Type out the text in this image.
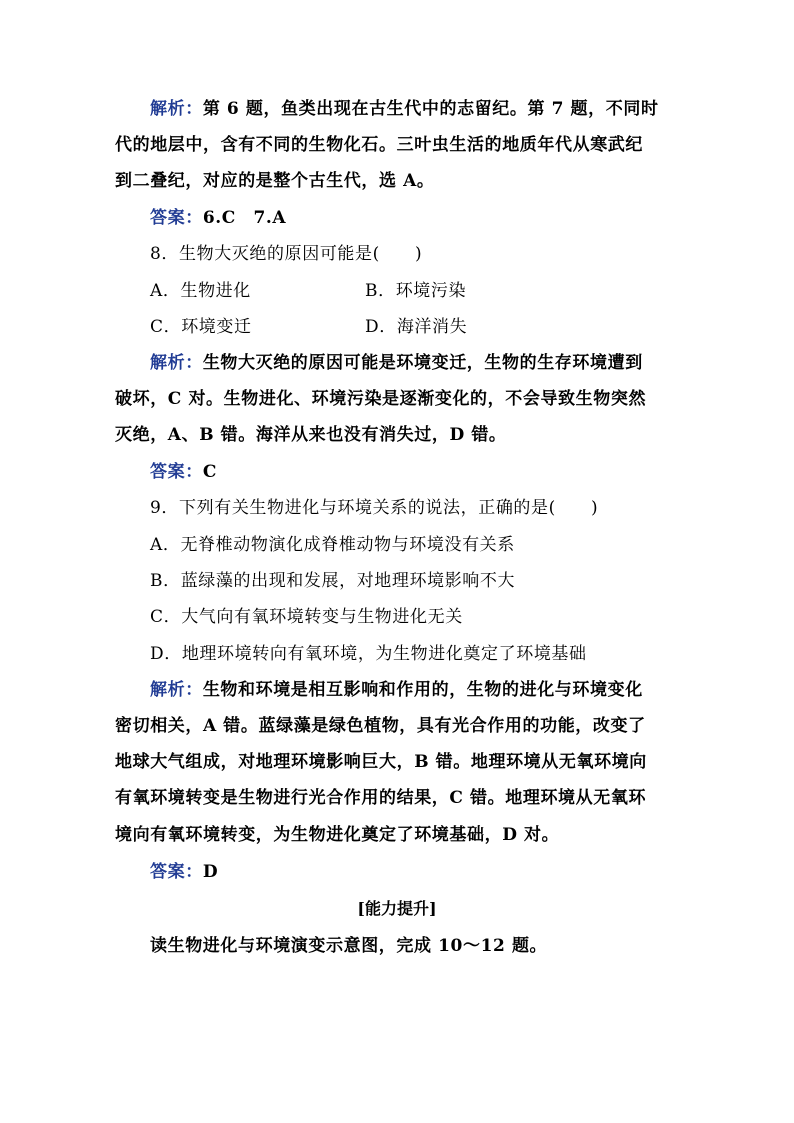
解析：第 6 题，鱼类出现在古生代中的志留纪。第 7 题，不同时
代的地层中，含有不同的生物化石。三叶虫生活的地质年代从寒武纪
到二叠纪，对应的是整个古生代，选 A。
答案：6.C　7.A
8．生物大灭绝的原因可能是(　　)
A．生物进化	B．环境污染
C．环境变迁	D．海洋消失
解析：生物大灭绝的原因可能是环境变迁，生物的生存环境遭到
破坏，C 对。生物进化、环境污染是逐渐变化的，不会导致生物突然
灭绝，A、B 错。海洋从来也没有消失过，D 错。
答案：C
9．下列有关生物进化与环境关系的说法，正确的是(　　)
A．无脊椎动物演化成脊椎动物与环境没有关系
B．蓝绿藻的出现和发展，对地理环境影响不大
C．大气向有氧环境转变与生物进化无关
D．地理环境转向有氧环境，为生物进化奠定了环境基础
解析：生物和环境是相互影响和作用的，生物的进化与环境变化
密切相关，A 错。蓝绿藻是绿色植物，具有光合作用的功能，改变了
地球大气组成，对地理环境影响巨大，B 错。地理环境从无氧环境向
有氧环境转变是生物进行光合作用的结果，C 错。地理环境从无氧环
境向有氧环境转变，为生物进化奠定了环境基础，D 对。
答案：D
[能力提升]
读生物进化与环境演变示意图，完成 10～12 题。
